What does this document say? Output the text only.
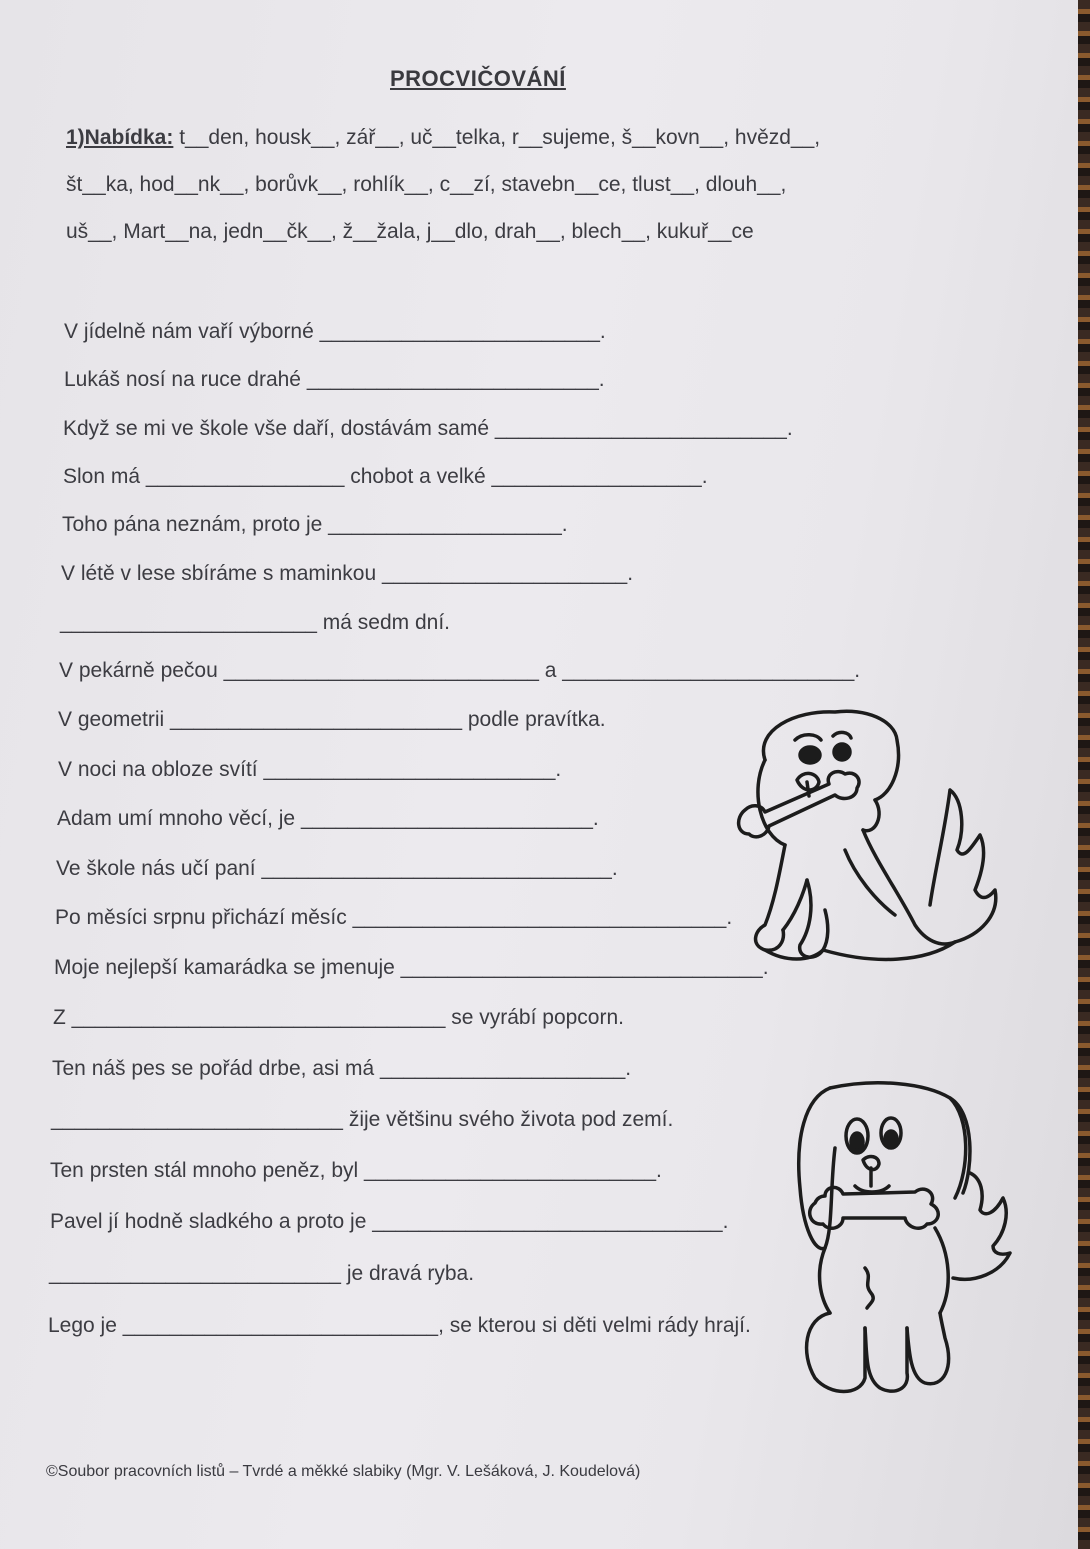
PROCVIČOVÁNÍ
1)Nabídka: t__den, housk__, zář__, uč__telka, r__sujeme, š__kovn__, hvězd__,
št__ka, hod__nk__, borůvk__, rohlík__, c__zí, stavebn__ce, tlust__, dlouh__,
uš__, Mart__na, jedn__čk__, ž__žala, j__dlo, drah__, blech__, kukuř__ce
V jídelně nám vaří výborné ________________________.
Lukáš nosí na ruce drahé _________________________.
Když se mi ve škole vše daří, dostávám samé _________________________.
Slon má _________________ chobot a velké __________________.
Toho pána neznám, proto je ____________________.
V létě v lese sbíráme s maminkou _____________________.
______________________ má sedm dní.
V pekárně pečou ___________________________ a _________________________.
V geometrii _________________________ podle pravítka.
V noci na obloze svítí _________________________.
Adam umí mnoho věcí, je _________________________.
Ve škole nás učí paní ______________________________.
Po měsíci srpnu přichází měsíc ________________________________.
Moje nejlepší kamarádka se jmenuje _______________________________.
Z ________________________________ se vyrábí popcorn.
Ten náš pes se pořád drbe, asi má _____________________.
_________________________ žije většinu svého života pod zemí.
Ten prsten stál mnoho peněz, byl _________________________.
Pavel jí hodně sladkého a proto je ______________________________.
_________________________ je dravá ryba.
Lego je ___________________________, se kterou si děti velmi rády hrají.
©Soubor pracovních listů – Tvrdé a měkké slabiky (Mgr. V. Lešáková, J. Koudelová)
